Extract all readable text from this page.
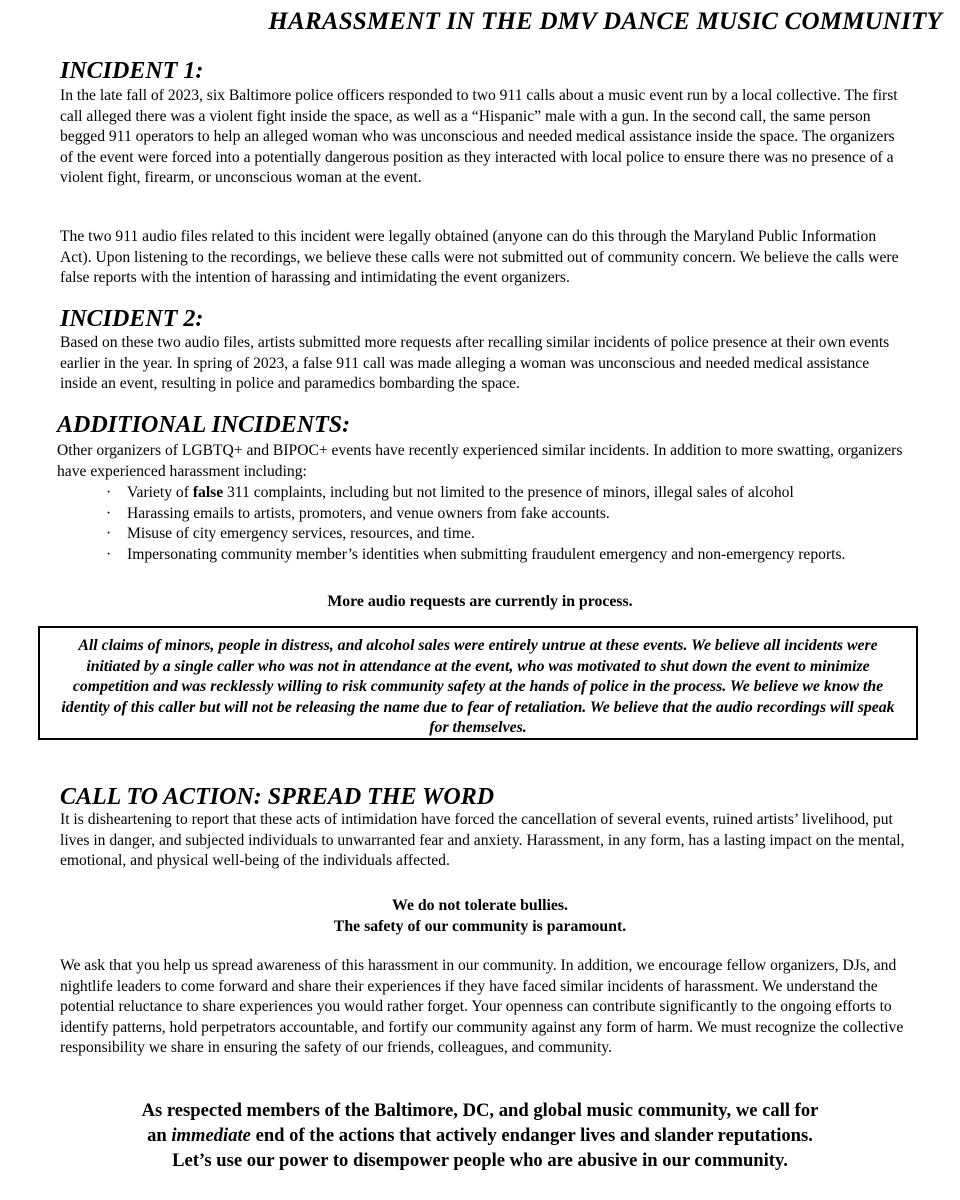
HARASSMENT IN THE DMV DANCE MUSIC COMMUNITY
INCIDENT 1:

In the late fall of 2023, six Baltimore police officers responded to two 911 calls about a music event run by a local collective. The first call alleged there was a violent fight inside the space, as well as a “Hispanic” male with a gun. In the second call, the same person begged 911 operators to help an alleged woman who was unconscious and needed medical assistance inside the space. The organizers of the event were forced into a potentially dangerous position as they interacted with local police to ensure there was no presence of a violent fight, firearm, or unconscious woman at the event.

The two 911 audio files related to this incident were legally obtained (anyone can do this through the Maryland Public Information Act). Upon listening to the recordings, we believe these calls were not submitted out of community concern. We believe the calls were false reports with the intention of harassing and intimidating the event organizers.

INCIDENT 2:

Based on these two audio files, artists submitted more requests after recalling similar incidents of police presence at their own events earlier in the year. In spring of 2023, a false 911 call was made alleging a woman was unconscious and needed medical assistance inside an event, resulting in police and paramedics bombarding the space.

ADDITIONAL INCIDENTS:

Other organizers of LGBTQ+ and BIPOC+ events have recently experienced similar incidents. In addition to more swatting, organizers have experienced harassment including:

· Variety of false 311 complaints, including but not limited to the presence of minors, illegal sales of alcohol
· Harassing emails to artists, promoters, and venue owners from fake accounts.
· Misuse of city emergency services, resources, and time.
· Impersonating community member’s identities when submitting fraudulent emergency and non-emergency reports.

More audio requests are currently in process.

All claims of minors, people in distress, and alcohol sales were entirely untrue at these events. We believe all incidents were initiated by a single caller who was not in attendance at the event, who was motivated to shut down the event to minimize competition and was recklessly willing to risk community safety at the hands of police in the process. We believe we know the identity of this caller but will not be releasing the name due to fear of retaliation. We believe that the audio recordings will speak for themselves.
CALL TO ACTION: SPREAD THE WORD

It is disheartening to report that these acts of intimidation have forced the cancellation of several events, ruined artists’ livelihood, put lives in danger, and subjected individuals to unwarranted fear and anxiety. Harassment, in any form, has a lasting impact on the mental, emotional, and physical well-being of the individuals affected.

We do not tolerate bullies.

The safety of our community is paramount.

We ask that you help us spread awareness of this harassment in our community. In addition, we encourage fellow organizers, DJs, and nightlife leaders to come forward and share their experiences if they have faced similar incidents of harassment. We understand the potential reluctance to share experiences you would rather forget. Your openness can contribute significantly to the ongoing efforts to identify patterns, hold perpetrators accountable, and fortify our community against any form of harm. We must recognize the collective responsibility we share in ensuring the safety of our friends, colleagues, and community.

As respected members of the Baltimore, DC, and global music community, we call for

an immediate end of the actions that actively endanger lives and slander reputations.

Let’s use our power to disempower people who are abusive in our community.
